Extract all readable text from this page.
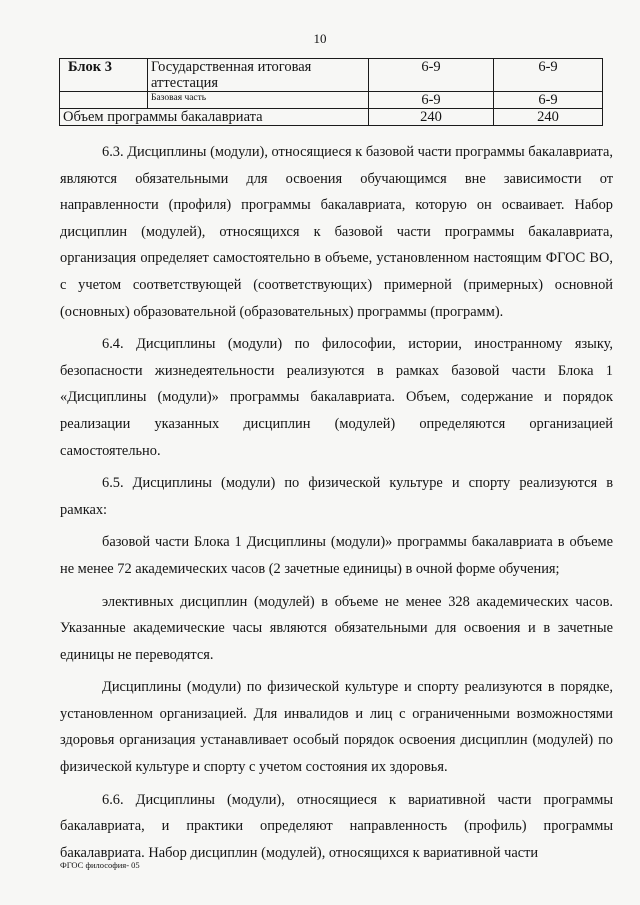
10
Блок 3	Государственная итоговая аттестация	6-9	6-9
	Базовая часть	6-9	6-9
Объем программы бакалавриата		240	240

6.3. Дисциплины (модули), относящиеся к базовой части программы бакалавриата, являются обязательными для освоения обучающимся вне зависимости от направленности (профиля) программы бакалавриата, которую он осваивает. Набор дисциплин (модулей), относящихся к базовой части программы бакалавриата, организация определяет самостоятельно в объеме, установленном настоящим ФГОС ВО, с учетом соответствующей (соответствующих) примерной (примерных) основной (основных) образовательной (образовательных) программы (программ).

6.4. Дисциплины (модули) по философии, истории, иностранному языку, безопасности жизнедеятельности реализуются в рамках базовой части Блока 1 «Дисциплины (модули)» программы бакалавриата. Объем, содержание и порядок реализации указанных дисциплин (модулей) определяются организацией самостоятельно.

6.5. Дисциплины (модули) по физической культуре и спорту реализуются в рамках:

базовой части Блока 1 Дисциплины (модули)» программы бакалавриата в объеме не менее 72 академических часов (2 зачетные единицы) в очной форме обучения;

элективных дисциплин (модулей) в объеме не менее 328 академических часов. Указанные академические часы являются обязательными для освоения и в зачетные единицы не переводятся.

Дисциплины (модули) по физической культуре и спорту реализуются в порядке, установленном организацией. Для инвалидов и лиц с ограниченными возможностями здоровья организация устанавливает особый порядок освоения дисциплин (модулей) по физической культуре и спорту с учетом состояния их здоровья.

6.6. Дисциплины (модули), относящиеся к вариативной части программы бакалавриата, и практики определяют направленность (профиль) программы бакалавриата. Набор дисциплин (модулей), относящихся к вариативной части

ФГОС философия- 05
